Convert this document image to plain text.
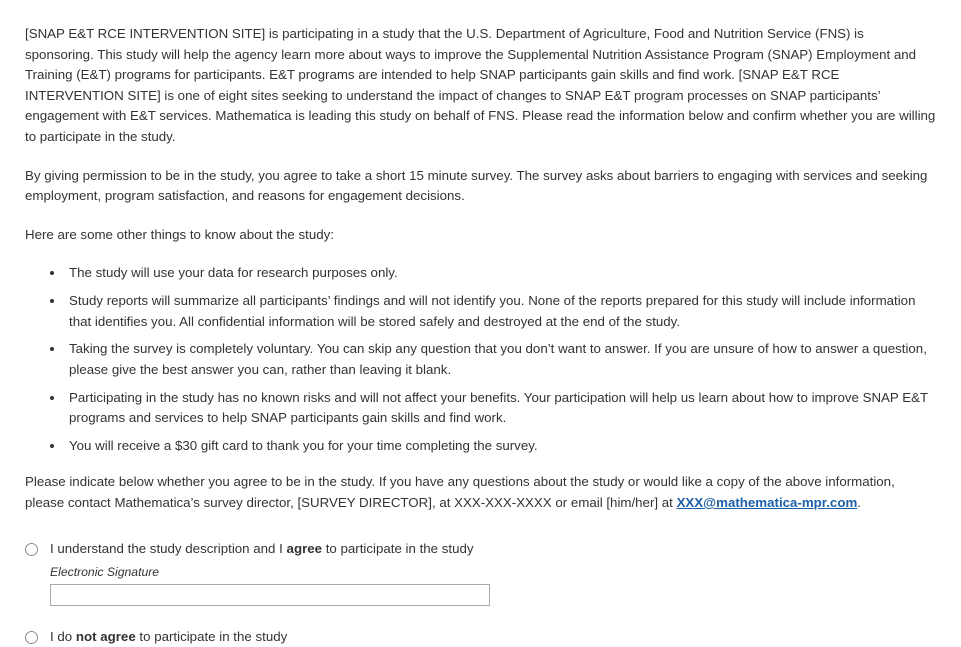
[SNAP E&T RCE INTERVENTION SITE] is participating in a study that the U.S. Department of Agriculture, Food and Nutrition Service (FNS) is sponsoring. This study will help the agency learn more about ways to improve the Supplemental Nutrition Assistance Program (SNAP) Employment and Training (E&T) programs for participants. E&T programs are intended to help SNAP participants gain skills and find work. [SNAP E&T RCE INTERVENTION SITE] is one of eight sites seeking to understand the impact of changes to SNAP E&T program processes on SNAP participants’ engagement with E&T services. Mathematica is leading this study on behalf of FNS. Please read the information below and confirm whether you are willing to participate in the study.

By giving permission to be in the study, you agree to take a short 15 minute survey. The survey asks about barriers to engaging with services and seeking employment, program satisfaction, and reasons for engagement decisions.

Here are some other things to know about the study:

• The study will use your data for research purposes only.
• Study reports will summarize all participants’ findings and will not identify you. None of the reports prepared for this study will include information that identifies you. All confidential information will be stored safely and destroyed at the end of the study.
• Taking the survey is completely voluntary. You can skip any question that you don’t want to answer. If you are unsure of how to answer a question, please give the best answer you can, rather than leaving it blank.
• Participating in the study has no known risks and will not affect your benefits. Your participation will help us learn about how to improve SNAP E&T programs and services to help SNAP participants gain skills and find work.
• You will receive a $30 gift card to thank you for your time completing the survey.

Please indicate below whether you agree to be in the study. If you have any questions about the study or would like a copy of the above information, please contact Mathematica’s survey director, [SURVEY DIRECTOR], at XXX-XXX-XXXX or email [him/her] at XXX@mathematica-mpr.com.

I understand the study description and I agree to participate in the study
Electronic Signature
I do not agree to participate in the study
